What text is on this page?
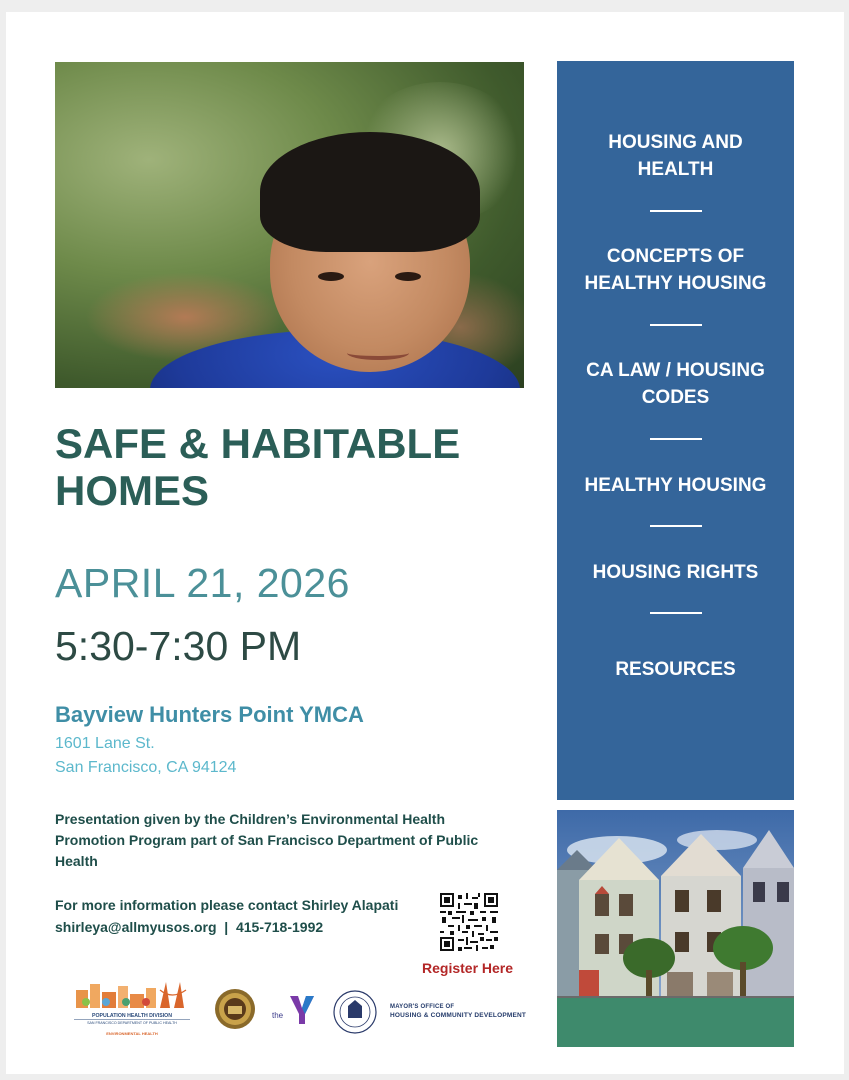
HOUSING AND
HEALTH
CONCEPTS OF
HEALTHY HOUSING
CA LAW / HOUSING
CODES
HEALTHY HOUSING
HOUSING RIGHTS
RESOURCES
SAFE & HABITABLE HOMES
APRIL 21, 2026
5:30-7:30 PM
Bayview Hunters Point YMCA
1601 Lane St.
San Francisco, CA 94124
Presentation given by the Children’s Environmental Health Promotion Program part of San Francisco Department of Public Health
For more information please contact Shirley Alapati
shirleya@allmyusos.org  |  415-718-1992
Register Here
POPULATION HEALTH DIVISION
SAN FRANCISCO DEPARTMENT OF PUBLIC HEALTH
ENVIRONMENTAL HEALTH
the
MAYOR'S OFFICE OF
HOUSING & COMMUNITY DEVELOPMENT
